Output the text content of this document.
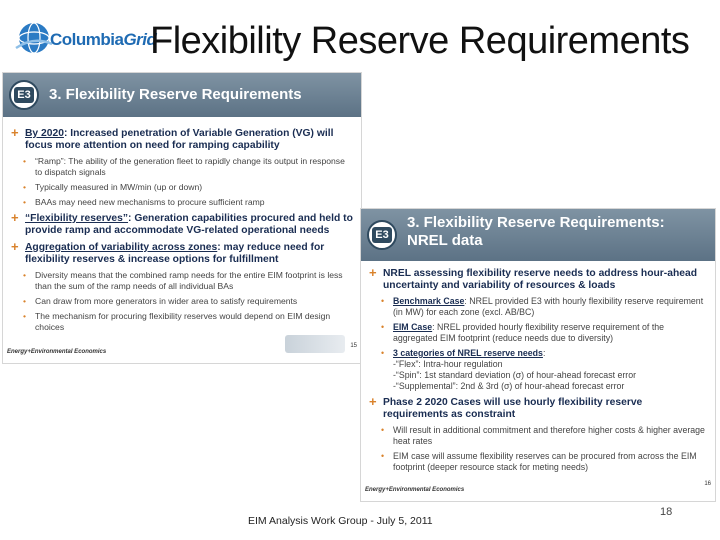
ColumbiaGrid
Flexibility Reserve Requirements
E3 3. Flexibility Reserve Requirements
+ By 2020: Increased penetration of Variable Generation (VG) will focus more attention on need for ramping capability
• “Ramp”: The ability of the generation fleet to rapidly change its output in response to dispatch signals
• Typically measured in MW/min (up or down)
• BAAs may need new mechanisms to procure sufficient ramp
+ “Flexibility reserves”: Generation capabilities procured and held to provide ramp and accommodate VG-related operational needs
+ Aggregation of variability across zones: may reduce need for flexibility reserves & increase options for fulfillment
• Diversity means that the combined ramp needs for the entire EIM footprint is less than the sum of the ramp needs of all individual BAs
• Can draw from more generators in wider area to satisfy requirements
• The mechanism for procuring flexibility reserves would depend on EIM design choices
Energy+Environmental Economics
15
E3
3. Flexibility Reserve Requirements: NREL data
+ NREL assessing flexibility reserve needs to address hour-ahead uncertainty and variability of resources & loads
• Benchmark Case: NREL provided E3 with hourly flexibility reserve requirement (in MW) for each zone (excl. AB/BC)
• EIM Case: NREL provided hourly flexibility reserve requirement of the aggregated EIM footprint (reduce needs due to diversity)
• 3 categories of NREL reserve needs:
-“Flex”: Intra-hour regulation
-“Spin”: 1st standard deviation (σ) of hour-ahead forecast error
-“Supplemental”: 2nd & 3rd (σ) of hour-ahead forecast error
+ Phase 2 2020 Cases will use hourly flexibility reserve requirements as constraint
• Will result in additional commitment and therefore higher costs & higher average heat rates
• EIM case will assume flexibility reserves can be procured from across the EIM footprint (deeper resource stack for meting needs)
Energy+Environmental Economics
16
EIM Analysis Work Group - July 5, 2011
18
